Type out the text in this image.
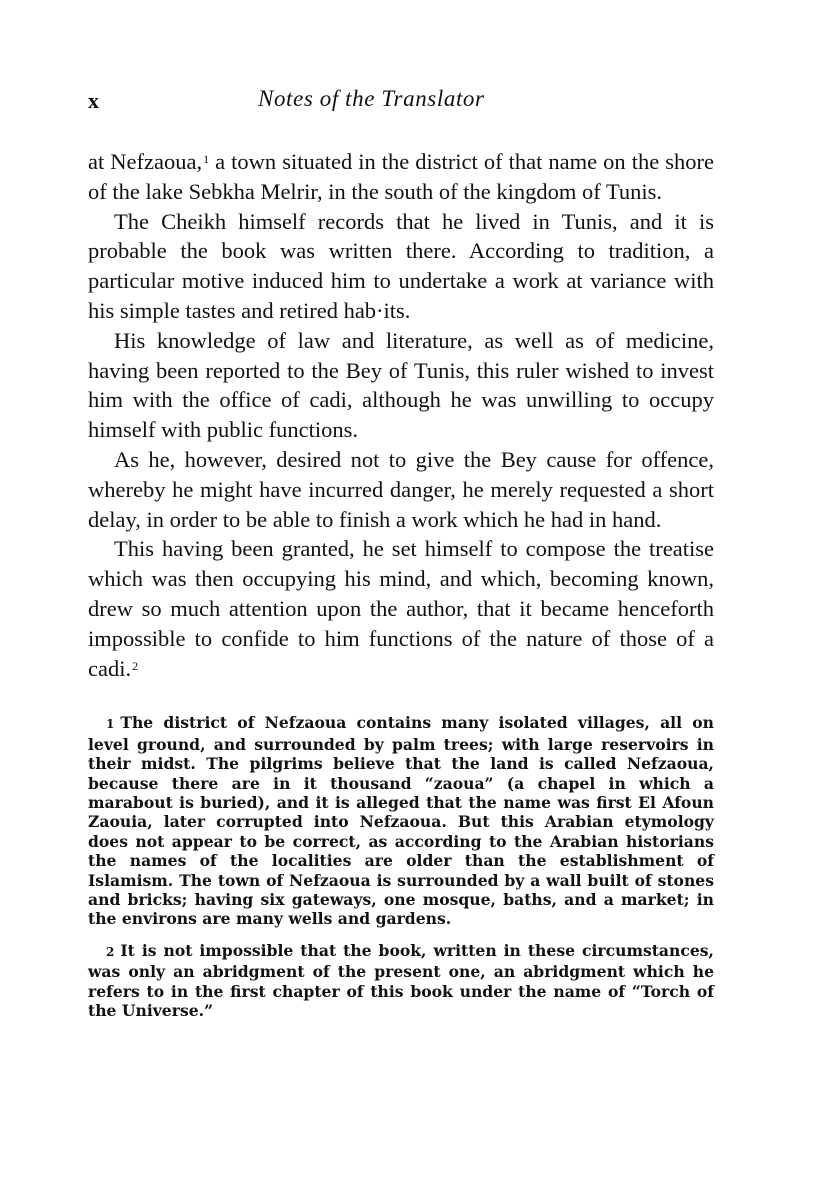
x	Notes of the Translator

at Nefzaoua,$^1$ a town situated in the district of that name on the shore of the lake Sebkha Melrir, in the south of the kingdom of Tunis.

The Cheikh himself records that he lived in Tunis, and it is probable the book was written there. According to tradition, a particular motive induced him to undertake a work at variance with his simple tastes and retired hab·its.

His knowledge of law and literature, as well as of medicine, having been reported to the Bey of Tunis, this ruler wished to invest him with the office of cadi, although he was unwilling to occupy himself with public functions.

As he, however, desired not to give the Bey cause for offence, whereby he might have incurred danger, he merely requested a short delay, in order to be able to finish a work which he had in hand.

This having been granted, he set himself to compose the treatise which was then occupying his mind, and which, becoming known, drew so much attention upon the author, that it became henceforth impossible to confide to him functions of the nature of those of a cadi.$^2$

1 The district of Nefzaoua contains many isolated villages, all on level ground, and surrounded by palm trees; with large reservoirs in their midst. The pilgrims believe that the land is called Nefzaoua, because there are in it thousand “zaoua” (a chapel in which a marabout is buried), and it is alleged that the name was first El Afoun Zaouia, later corrupted into Nefzaoua. But this Arabian etymology does not appear to be correct, as according to the Arabian historians the names of the localities are older than the establishment of Islamism. The town of Nefzaoua is surrounded by a wall built of stones and bricks; having six gateways, one mosque, baths, and a market; in the environs are many wells and gardens.

2 It is not impossible that the book, written in these circumstances, was only an abridgment of the present one, an abridgment which he refers to in the first chapter of this book under the name of “Torch of the Universe.”
